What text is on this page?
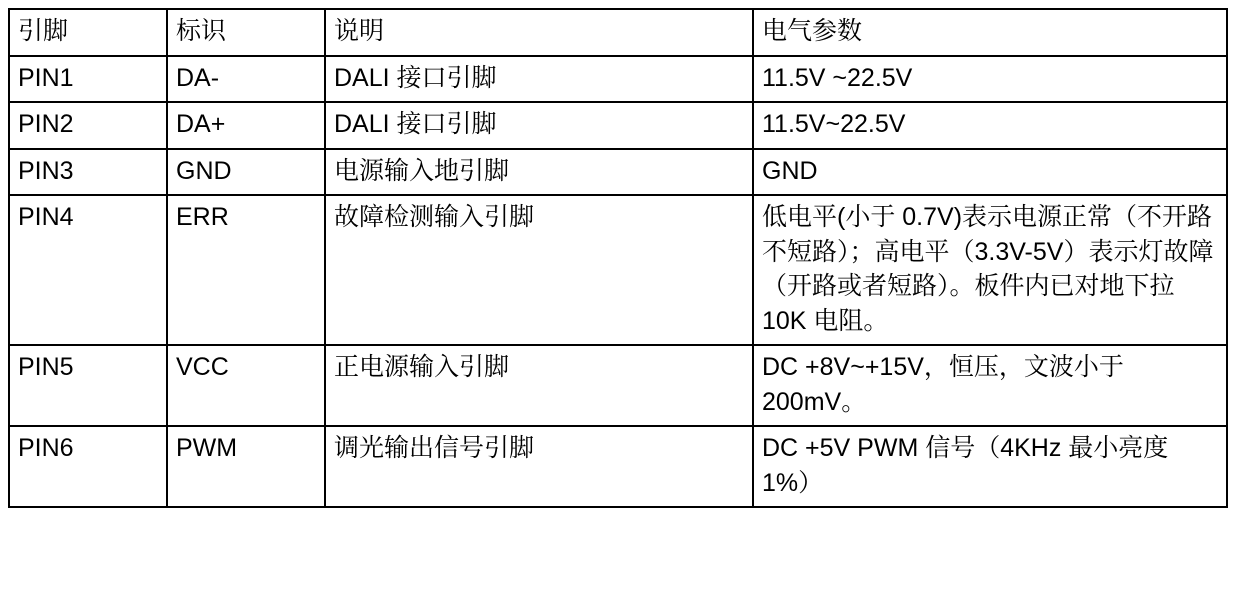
引脚	标识	说明	电气参数

PIN1	DA-	DALI 接口引脚	11.5V ~22.5V

PIN2	DA+	DALI 接口引脚	11.5V~22.5V

PIN3	GND	电源输入地引脚	GND

PIN4	ERR	故障检测输入引脚	低电平(小于 0.7V)表示电源正常（不开路不短路）；高电平（3.3V-5V）表示灯故障（开路或者短路）。板件内已对地下拉 10K 电阻。

PIN5	VCC	正电源输入引脚	DC +8V~+15V，恒压，文波小于 200mV。

PIN6	PWM	调光输出信号引脚	DC +5V PWM 信号（4KHz 最小亮度 1%）
